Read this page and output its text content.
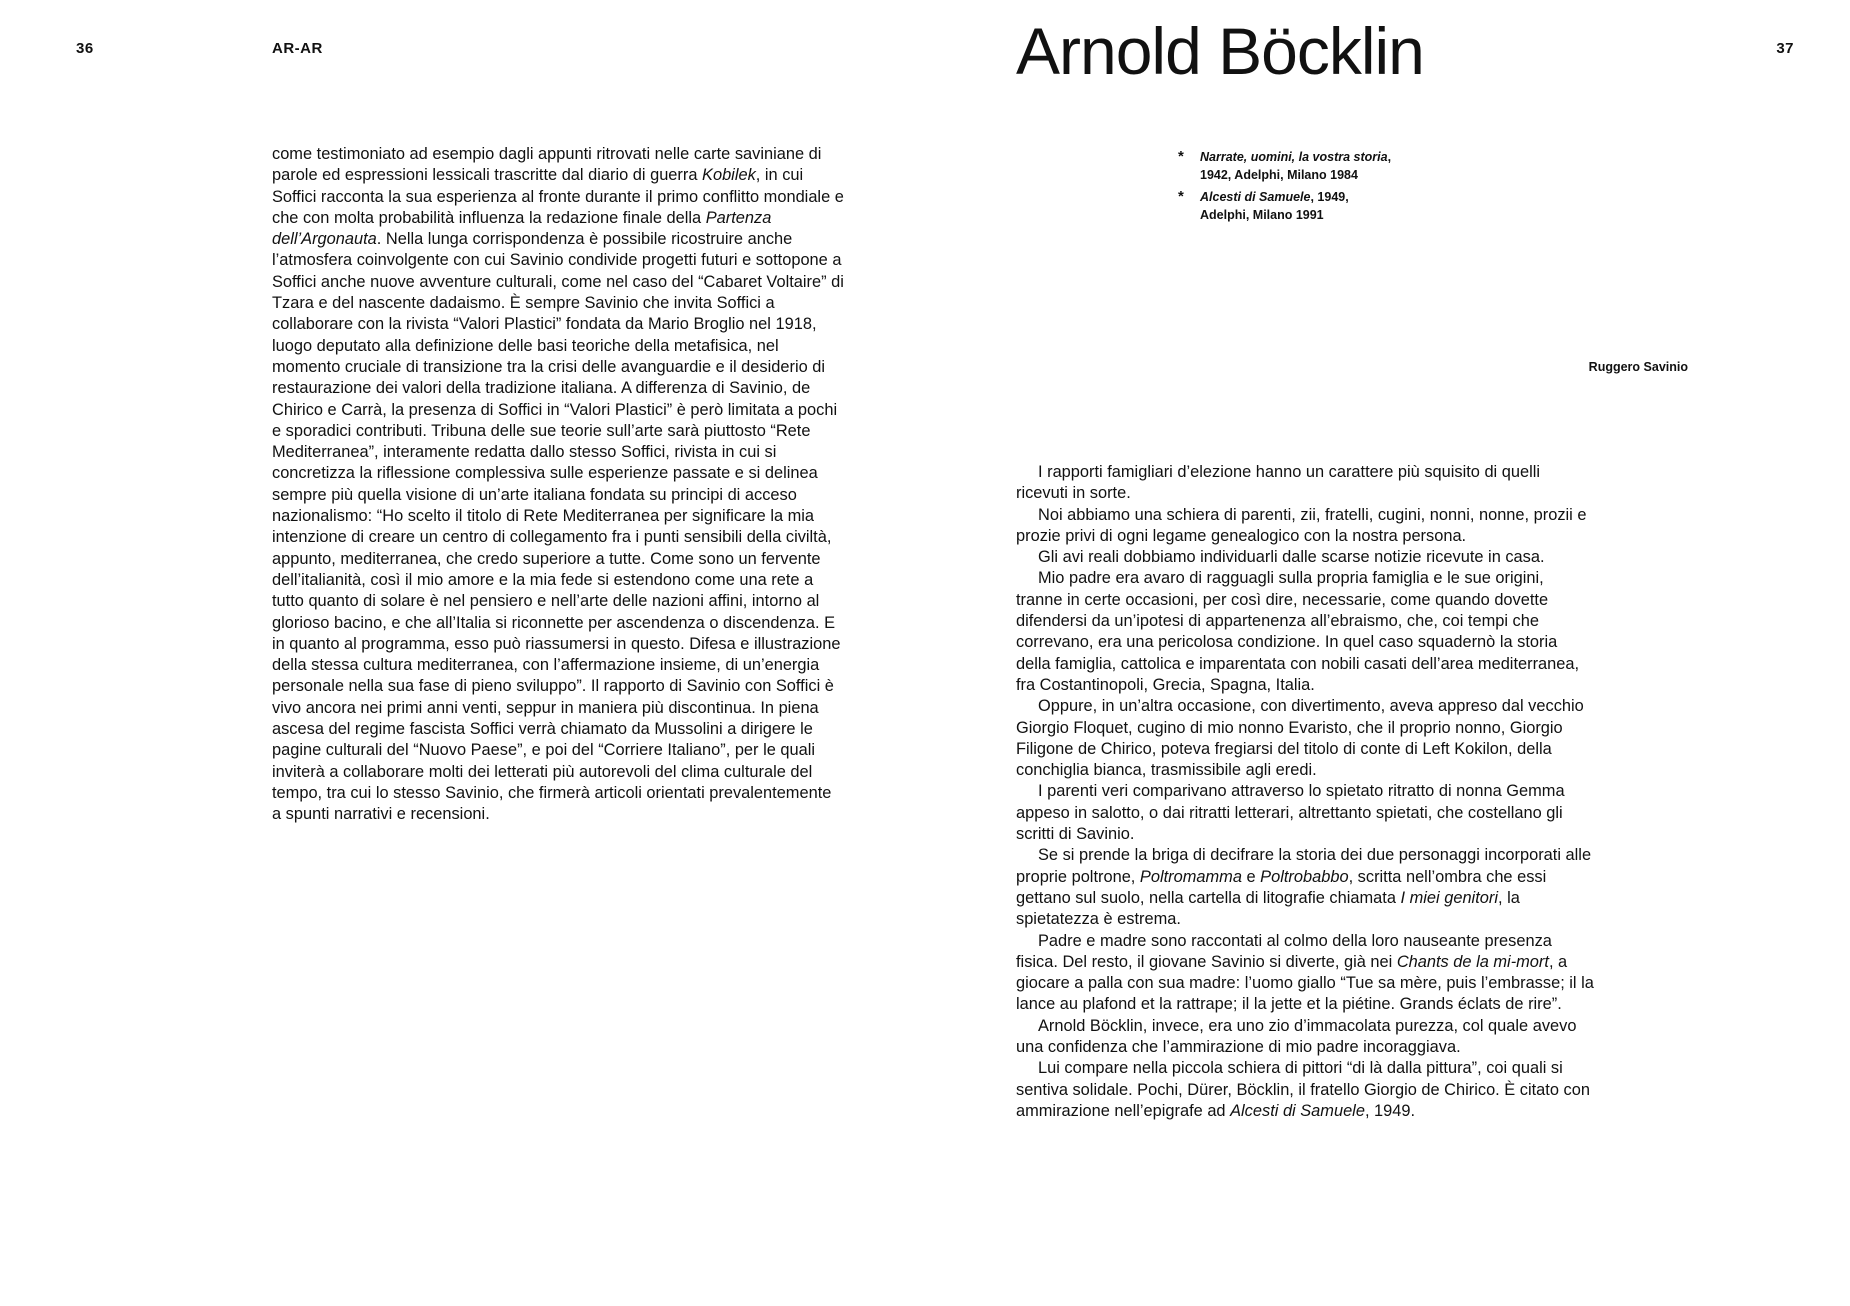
36	AR-AR	Arnold Böcklin	37

come testimoniato ad esempio dagli appunti ritrovati nelle carte saviniane di parole ed espressioni lessicali trascritte dal diario di guerra Kobilek, in cui Soffici racconta la sua esperienza al fronte durante il primo conflitto mondiale e che con molta probabilità influenza la redazione finale della Partenza dell’Argonauta. Nella lunga corrispondenza è possibile ricostruire anche l’atmosfera coinvolgente con cui Savinio condivide progetti futuri e sottopone a Soffici anche nuove avventure culturali, come nel caso del “Cabaret Voltaire” di Tzara e del nascente dadaismo. È sempre Savinio che invita Soffici a collaborare con la rivista “Valori Plastici” fondata da Mario Broglio nel 1918, luogo deputato alla definizione delle basi teoriche della metafisica, nel momento cruciale di transizione tra la crisi delle avanguardie e il desiderio di restaurazione dei valori della tradizione italiana. A differenza di Savinio, de Chirico e Carrà, la presenza di Soffici in “Valori Plastici” è però limitata a pochi e sporadici contributi. Tribuna delle sue teorie sull’arte sarà piuttosto “Rete Mediterranea”, interamente redatta dallo stesso Soffici, rivista in cui si concretizza la riflessione complessiva sulle esperienze passate e si delinea sempre più quella visione di un’arte italiana fondata su principi di acceso nazionalismo: “Ho scelto il titolo di Rete Mediterranea per significare la mia intenzione di creare un centro di collegamento fra i punti sensibili della civiltà, appunto, mediterranea, che credo superiore a tutte. Come sono un fervente dell’italianità, così il mio amore e la mia fede si estendono come una rete a tutto quanto di solare è nel pensiero e nell’arte delle nazioni affini, intorno al glorioso bacino, e che all’Italia si riconnette per ascendenza o discendenza. E in quanto al programma, esso può riassumersi in questo. Difesa e illustrazione della stessa cultura mediterranea, con l’affermazione insieme, di un’energia personale nella sua fase di pieno sviluppo”. Il rapporto di Savinio con Soffici è vivo ancora nei primi anni venti, seppur in maniera più discontinua. In piena ascesa del regime fascista Soffici verrà chiamato da Mussolini a dirigere le pagine culturali del “Nuovo Paese”, e poi del “Corriere Italiano”, per le quali inviterà a collaborare molti dei letterati più autorevoli del clima culturale del tempo, tra cui lo stesso Savinio, che firmerà articoli orientati prevalentemente a spunti narrativi e recensioni.

* Narrate, uomini, la vostra storia,
1942, Adelphi, Milano 1984
* Alcesti di Samuele, 1949,
Adelphi, Milano 1991
Ruggero Savinio

I rapporti famigliari d’elezione hanno un carattere più squisito di quelli ricevuti in sorte.

Noi abbiamo una schiera di parenti, zii, fratelli, cugini, nonni, nonne, prozii e prozie privi di ogni legame genealogico con la nostra persona.

Gli avi reali dobbiamo individuarli dalle scarse notizie ricevute in casa.

Mio padre era avaro di ragguagli sulla propria famiglia e le sue origini, tranne in certe occasioni, per così dire, necessarie, come quando dovette difendersi da un’ipotesi di appartenenza all’ebraismo, che, coi tempi che correvano, era una pericolosa condizione. In quel caso squadernò la storia della famiglia, cattolica e imparentata con nobili casati dell’area mediterranea, fra Costantinopoli, Grecia, Spagna, Italia.

Oppure, in un’altra occasione, con divertimento, aveva appreso dal vecchio Giorgio Floquet, cugino di mio nonno Evaristo, che il proprio nonno, Giorgio Filigone de Chirico, poteva fregiarsi del titolo di conte di Left Kokilon, della conchiglia bianca, trasmissibile agli eredi.

I parenti veri comparivano attraverso lo spietato ritratto di nonna Gemma appeso in salotto, o dai ritratti letterari, altrettanto spietati, che costellano gli scritti di Savinio.

Se si prende la briga di decifrare la storia dei due personaggi incorporati alle proprie poltrone, Poltromamma e Poltrobabbo, scritta nell’ombra che essi gettano sul suolo, nella cartella di litografie chiamata I miei genitori, la spietatezza è estrema.

Padre e madre sono raccontati al colmo della loro nauseante presenza fisica. Del resto, il giovane Savinio si diverte, già nei Chants de la mi-mort, a giocare a palla con sua madre: l’uomo giallo “Tue sa mère, puis l’embrasse; il la lance au plafond et la rattrape; il la jette et la piétine. Grands éclats de rire”.

Arnold Böcklin, invece, era uno zio d’immacolata purezza, col quale avevo una confidenza che l’ammirazione di mio padre incoraggiava.

Lui compare nella piccola schiera di pittori “di là dalla pittura”, coi quali si sentiva solidale. Pochi, Dürer, Böcklin, il fratello Giorgio de Chirico. È citato con ammirazione nell’epigrafe ad Alcesti di Samuele, 1949.
